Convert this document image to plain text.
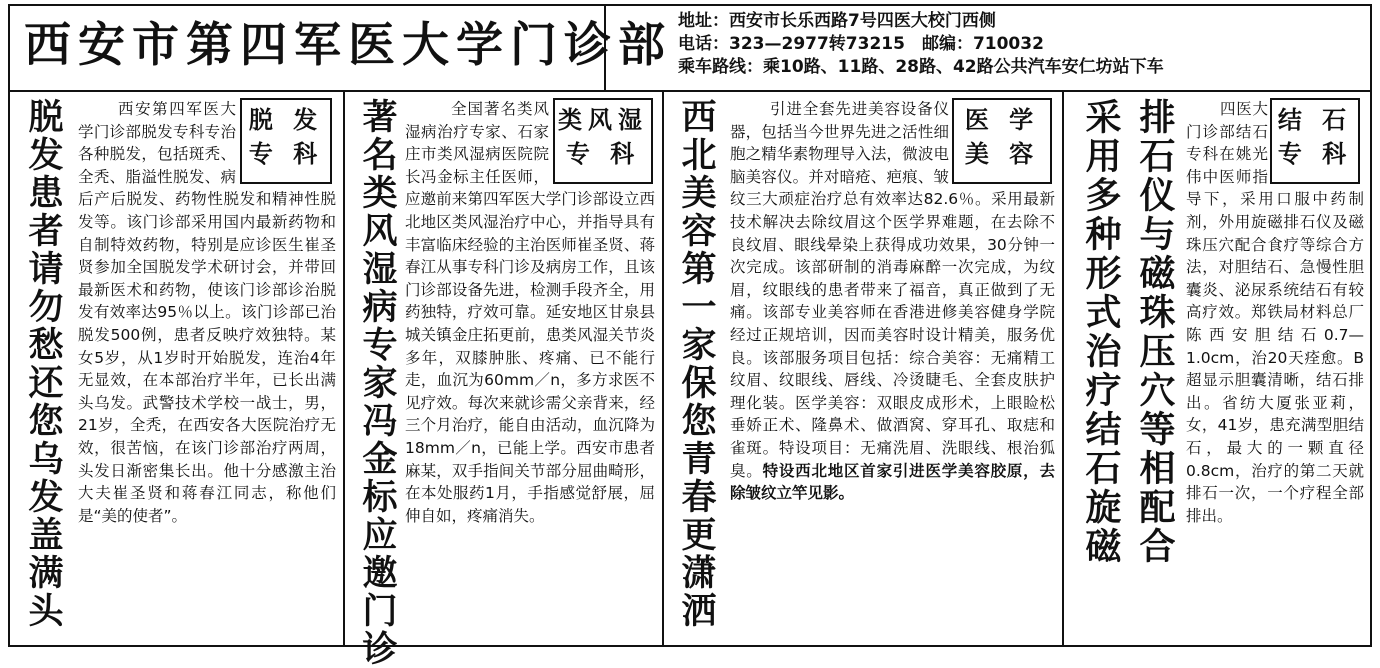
西安市第四军医大学门诊部 地址：西安市长乐西路7号四医大校门西侧
电话：323—2977转73215　邮编：710032
乘车路线：乘10路、11路、28路、42路公共汽车安仁坊站下车
脱发患者请勿愁还您乌发盖满头	脱 发
专 科
西安第四军医大学门诊部脱发专科专治各种脱发，包括斑秃、全秃、脂溢性脱发、病后产后脱发、药物性脱发和精神性脱发等。该门诊部采用国内最新药物和自制特效药物，特别是应诊医生崔圣贤参加全国脱发学术研讨会，并带回最新医术和药物，使该门诊部诊治脱发有效率达95％以上。该门诊部已治脱发500例，患者反映疗效独特。某女5岁，从1岁时开始脱发，连治4年无显效，在本部治疗半年，已长出满头乌发。武警技术学校一战士，男，21岁，全秃，在西安各大医院治疗无效，很苦恼，在该门诊部治疗两周，头发日渐密集长出。他十分感激主治大夫崔圣贤和蒋春江同志，称他们是“美的使者”。	著名类风湿病专家冯金标应邀门诊	类风湿
专 科
全国著名类风湿病治疗专家、石家庄市类风湿病医院院长冯金标主任医师，应邀前来第四军医大学门诊部设立西北地区类风湿治疗中心，并指导具有丰富临床经验的主治医师崔圣贤、蒋春江从事专科门诊及病房工作，且该门诊部设备先进，检测手段齐全，用药独特，疗效可靠。延安地区甘泉县城关镇金庄拓更前，患类风湿关节炎多年，双膝肿胀、疼痛、已不能行走，血沉为60mm／n，多方求医不见疗效。每次来就诊需父亲背来，经三个月治疗，能自由活动，血沉降为18mm／n，已能上学。西安市患者麻某，双手指间关节部分屈曲畸形，在本处服药1月，手指感觉舒展，屈伸自如，疼痛消失。	西北美容第一家保您青春更潇洒	医 学
美 容
引进全套先进美容设备仪器，包括当今世界先进之活性细胞之精华素物理导入法，微波电脑美容仪。并对暗疮、疤痕、皱纹三大顽症治疗总有效率达82.6％。采用最新技术解决去除纹眉这个医学界难题，在去除不良纹眉、眼线晕染上获得成功效果，30分钟一次完成。该部研制的消毒麻醉一次完成，为纹眉，纹眼线的患者带来了福音，真正做到了无痛。该部专业美容师在香港进修美容健身学院经过正规培训，因而美容时设计精美，服务优良。该部服务项目包括：综合美容：无痛精工纹眉、纹眼线、唇线、冷烫睫毛、全套皮肤护理化装。医学美容：双眼皮成形术，上眼睑松垂娇正术、隆鼻术、做酒窝、穿耳孔、取痣和雀斑。特设项目：无痛洗眉、洗眼线、根治狐臭。特设西北地区首家引进医学美容胶原，去除皱纹立竿见影。	排石仪与磁珠压穴等相配合
采用多种形式治疗结石旋磁	结 石
专 科
四医大门诊部结石专科在姚光伟中医师指导下，采用口服中药制剂，外用旋磁排石仪及磁珠压穴配合食疗等综合方法，对胆结石、急慢性胆囊炎、泌尿系统结石有较高疗效。郑铁局材料总厂陈西安胆结石0.7—1.0cm，治20天痊愈。B超显示胆囊清晰，结石排出。省纺大厦张亚莉，女，41岁，患充满型胆结石，最大的一颗直径0.8cm，治疗的第二天就排石一次，一个疗程全部排出。
